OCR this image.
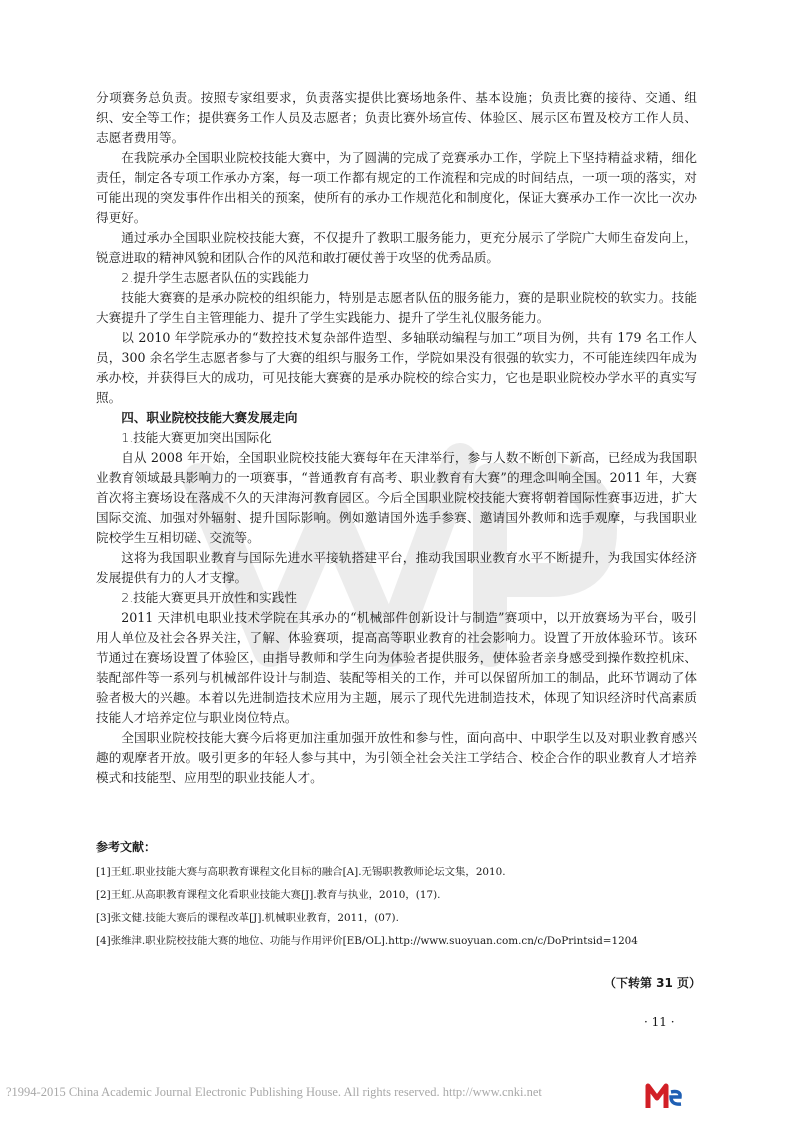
分项赛务总负责。按照专家组要求，负责落实提供比赛场地条件、基本设施；负责比赛的接待、交通、组织、安全等工作；提供赛务工作人员及志愿者；负责比赛外场宣传、体验区、展示区布置及校方工作人员、志愿者费用等。

在我院承办全国职业院校技能大赛中，为了圆满的完成了竞赛承办工作，学院上下坚持精益求精，细化责任，制定各专项工作承办方案，每一项工作都有规定的工作流程和完成的时间结点，一项一项的落实，对可能出现的突发事件作出相关的预案，使所有的承办工作规范化和制度化，保证大赛承办工作一次比一次办得更好。

通过承办全国职业院校技能大赛，不仅提升了教职工服务能力，更充分展示了学院广大师生奋发向上，锐意进取的精神风貌和团队合作的风范和敢打硬仗善于攻坚的优秀品质。

2.提升学生志愿者队伍的实践能力

技能大赛赛的是承办院校的组织能力，特别是志愿者队伍的服务能力，赛的是职业院校的软实力。技能大赛提升了学生自主管理能力、提升了学生实践能力、提升了学生礼仪服务能力。

以 2010 年学院承办的“数控技术复杂部件造型、多轴联动编程与加工”项目为例，共有 179 名工作人员，300 余名学生志愿者参与了大赛的组织与服务工作，学院如果没有很强的软实力，不可能连续四年成为承办校，并获得巨大的成功，可见技能大赛赛的是承办院校的综合实力，它也是职业院校办学水平的真实写照。

四、职业院校技能大赛发展走向

1.技能大赛更加突出国际化

自从 2008 年开始，全国职业院校技能大赛每年在天津举行，参与人数不断创下新高，已经成为我国职业教育领域最具影响力的一项赛事，“普通教育有高考、职业教育有大赛”的理念叫响全国。2011 年，大赛首次将主赛场设在落成不久的天津海河教育园区。今后全国职业院校技能大赛将朝着国际性赛事迈进，扩大国际交流、加强对外辐射、提升国际影响。例如邀请国外选手参赛、邀请国外教师和选手观摩，与我国职业院校学生互相切磋、交流等。

这将为我国职业教育与国际先进水平接轨搭建平台，推动我国职业教育水平不断提升，为我国实体经济发展提供有力的人才支撑。

2.技能大赛更具开放性和实践性

2011 天津机电职业技术学院在其承办的“机械部件创新设计与制造”赛项中，以开放赛场为平台，吸引用人单位及社会各界关注，了解、体验赛项，提高高等职业教育的社会影响力。设置了开放体验环节。该环节通过在赛场设置了体验区，由指导教师和学生向为体验者提供服务，使体验者亲身感受到操作数控机床、装配部件等一系列与机械部件设计与制造、装配等相关的工作，并可以保留所加工的制品，此环节调动了体验者极大的兴趣。本着以先进制造技术应用为主题，展示了现代先进制造技术，体现了知识经济时代高素质技能人才培养定位与职业岗位特点。

全国职业院校技能大赛今后将更加注重加强开放性和参与性，面向高中、中职学生以及对职业教育感兴趣的观摩者开放。吸引更多的年轻人参与其中，为引领全社会关注工学结合、校企合作的职业教育人才培养模式和技能型、应用型的职业技能人才。

参考文献：

[1]王虹.职业技能大赛与高职教育课程文化目标的融合[A].无锡职教教师论坛文集，2010.

[2]王虹.从高职教育课程文化看职业技能大赛[J].教育与执业，2010，(17).

[3]张文健.技能大赛后的课程改革[J].机械职业教育，2011，(07).

[4]张维津.职业院校技能大赛的地位、功能与作用评价[EB/OL].http://www.suoyuan.com.cn/c/DoPrintsid=1204

（下转第 31 页）

· 11 ·

?1994-2015 China Academic Journal Electronic Publishing House. All rights reserved. http://www.cnki.net
